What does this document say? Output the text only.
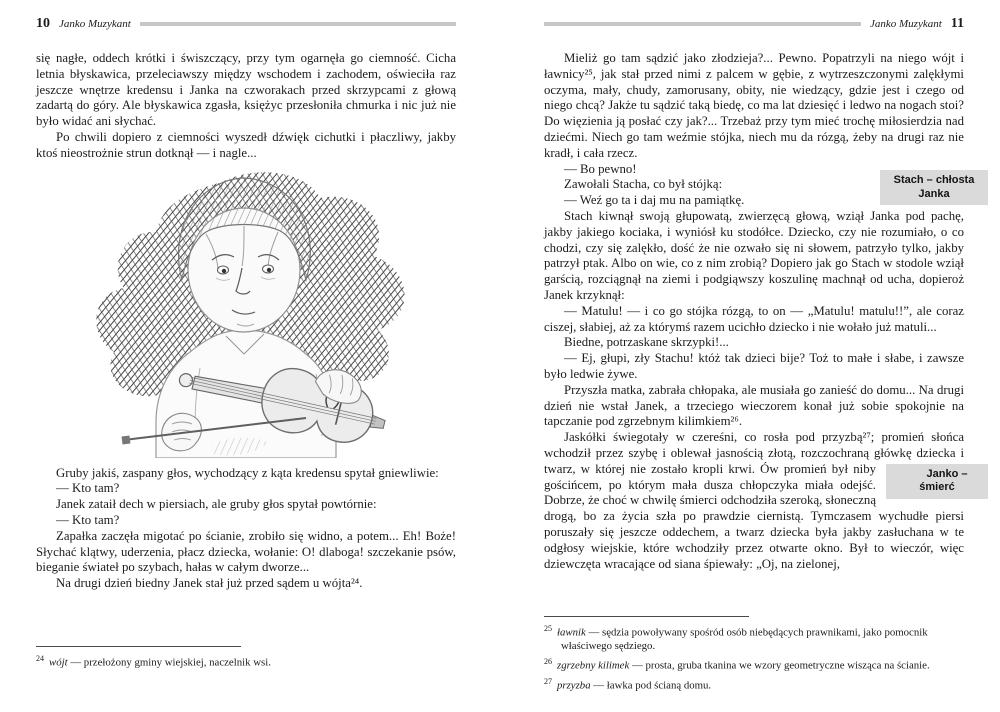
10 Janko Muzykant

się nagłe, oddech krótki i świszczący, przy tym ogarnęła go ciemność. Cicha letnia błyskawica, przeleciawszy między wschodem i zachodem, oświeciła raz jeszcze wnętrze kredensu i Janka na czworakach przed skrzypcami z głową zadartą do góry. Ale błyskawica zgasła, księżyc przesłoniła chmurka i nic już nie było widać ani słychać.

Po chwili dopiero z ciemności wyszedł dźwięk cichutki i płaczliwy, jakby ktoś nieostrożnie strun dotknął — i nagle...

Gruby jakiś, zaspany głos, wychodzący z kąta kredensu spytał gniewliwie:

— Kto tam?

Janek zataił dech w piersiach, ale gruby głos spytał powtórnie:

— Kto tam?

Zapałka zaczęła migotać po ścianie, zrobiło się widno, a potem... Eh! Boże! Słychać klątwy, uderzenia, płacz dziecka, wołanie: O! dlaboga! szczekanie psów, bieganie świateł po szybach, hałas w całym dworze...

Na drugi dzień biedny Janek stał już przed sądem u wójta²⁴.

$^{24}$ wójt — przełożony gminy wiejskiej, naczelnik wsi.
Janko Muzykant 11
Stach – chłosta Janka

Mieliż go tam sądzić jako złodzieja?... Pewno. Popatrzyli na niego wójt i ławnicy²⁵, jak stał przed nimi z palcem w gębie, z wytrzeszczonymi zalękłymi oczyma, mały, chudy, zamorusany, obity, nie wiedzący, gdzie jest i czego od niego chcą? Jakże tu sądzić taką biedę, co ma lat dziesięć i ledwo na nogach stoi? Do więzienia ją posłać czy jak?... Trzebaż przy tym mieć trochę miłosierdzia nad dziećmi. Niech go tam weźmie stójka, niech mu da rózgą, żeby na drugi raz nie kradł, i cała rzecz.

— Bo pewno!

Zawołali Stacha, co był stójką:

— Weź go ta i daj mu na pamiątkę.

Stach kiwnął swoją głupowatą, zwierzęcą głową, wziął Janka pod pachę, jakby jakiego kociaka, i wyniósł ku stodółce. Dziecko, czy nie rozumiało, o co chodzi, czy się zalękło, dość że nie ozwało się ni słowem, patrzyło tylko, jakby patrzył ptak. Albo on wie, co z nim zrobią? Dopiero jak go Stach w stodole wziął garścią, rozciągnął na ziemi i podgiąwszy koszulinę machnął od ucha, dopieroż Janek krzyknął:

— Matulu! — i co go stójka rózgą, to on — „Matulu! matulu!!”, ale coraz ciszej, słabiej, aż za którymś razem ucichło dziecko i nie wołało już matuli...

Biedne, potrzaskane skrzypki!...

— Ej, głupi, zły Stachu! któż tak dzieci bije? Toż to małe i słabe, i zawsze było ledwie żywe.

Przyszła matka, zabrała chłopaka, ale musiała go zanieść do domu... Na drugi dzień nie wstał Janek, a trzeciego wieczorem konał już sobie spokojnie na tapczanie pod zgrzebnym kilimkiem²⁶.

Jaskółki świegotały w czereśni, co rosła pod przyzbą²⁷; promień słońca wchodził przez szybę i oblewał jasnością złotą, rozczochraną główkę
Janko – śmierć
dziecka i twarz, w której nie zostało kropli krwi. Ów promień był niby gościńcem, po którym mała dusza chłopczyka miała odejść. Dobrze, że choć w chwilę śmierci odchodziła szeroką, słoneczną drogą, bo za życia szła po prawdzie ciernistą. Tymczasem wychudłe piersi poruszały się jeszcze oddechem, a twarz dziecka była jakby zasłuchana w te odgłosy wiejskie, które wchodziły przez otwarte okno. Był to wieczór, więc dziewczęta wracające od siana śpiewały: „Oj, na zielonej,

$^{25}$ ławnik — sędzia powoływany spośród osób niebędących prawnikami, jako pomocnik właściwego sędziego.
$^{26}$ zgrzebny kilimek — prosta, gruba tkanina we wzory geometryczne wisząca na ścianie.
$^{27}$ przyzba — ławka pod ścianą domu.
